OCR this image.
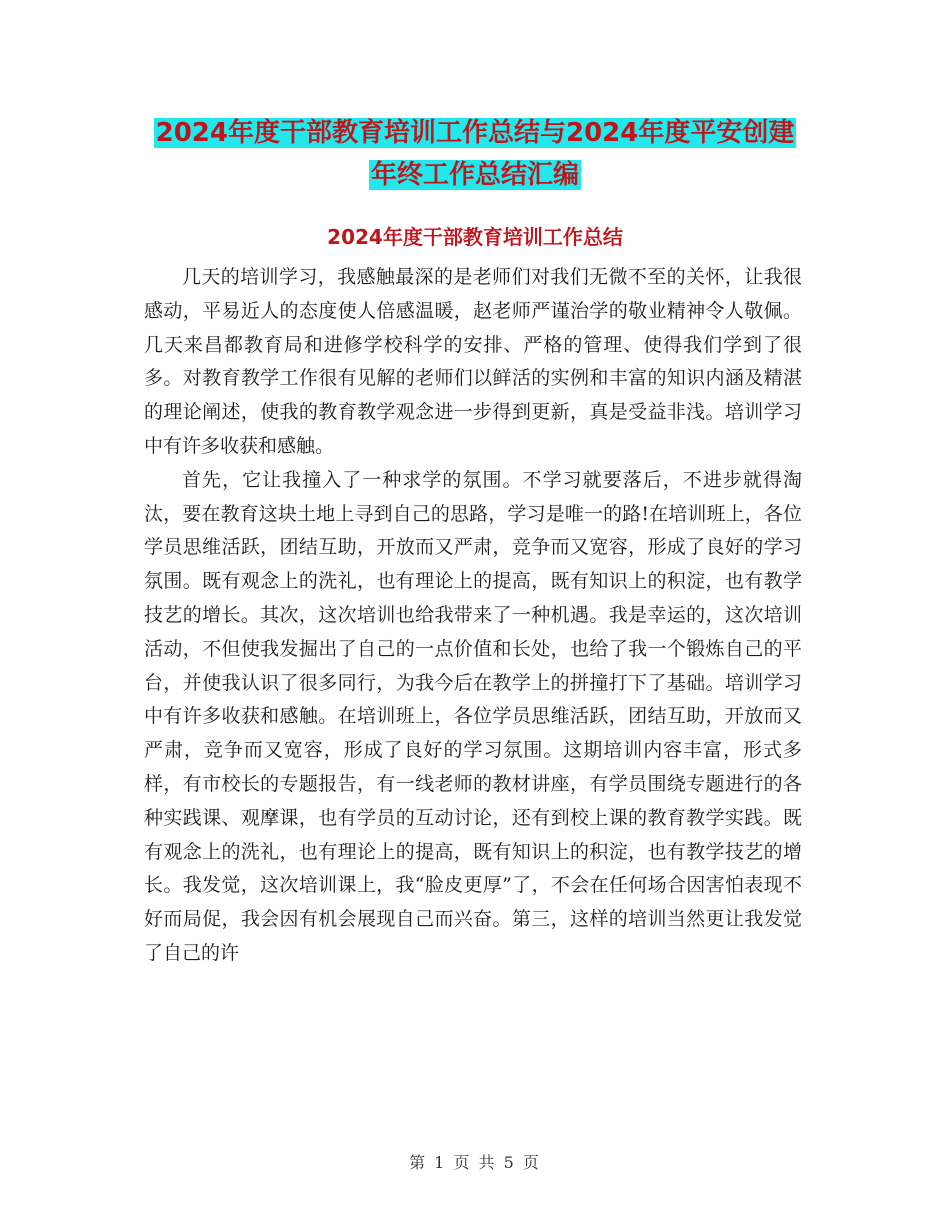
2024年度干部教育培训工作总结与2024年度平安创建
年终工作总结汇编
2024年度干部教育培训工作总结

几天的培训学习，我感触最深的是老师们对我们无微不至的关怀，让我很感动，平易近人的态度使人倍感温暖，赵老师严谨治学的敬业精神令人敬佩。几天来昌都教育局和进修学校科学的安排、严格的管理、使得我们学到了很多。对教育教学工作很有见解的老师们以鲜活的实例和丰富的知识内涵及精湛的理论阐述，使我的教育教学观念进一步得到更新，真是受益非浅。培训学习中有许多收获和感触。

首先，它让我撞入了一种求学的氛围。不学习就要落后，不进步就得淘汰，要在教育这块土地上寻到自己的思路，学习是唯一的路!在培训班上，各位学员思维活跃，团结互助，开放而又严肃，竞争而又宽容，形成了良好的学习氛围。既有观念上的洗礼，也有理论上的提高，既有知识上的积淀，也有教学技艺的增长。其次，这次培训也给我带来了一种机遇。我是幸运的，这次培训活动，不但使我发掘出了自己的一点价值和长处，也给了我一个锻炼自己的平台，并使我认识了很多同行，为我今后在教学上的拼撞打下了基础。培训学习中有许多收获和感触。在培训班上，各位学员思维活跃，团结互助，开放而又严肃，竞争而又宽容，形成了良好的学习氛围。这期培训内容丰富，形式多样，有市校长的专题报告，有一线老师的教材讲座，有学员围绕专题进行的各种实践课、观摩课，也有学员的互动讨论，还有到校上课的教育教学实践。既有观念上的洗礼，也有理论上的提高，既有知识上的积淀，也有教学技艺的增长。我发觉，这次培训课上，我“脸皮更厚”了，不会在任何场合因害怕表现不好而局促，我会因有机会展现自己而兴奋。第三，这样的培训当然更让我发觉了自己的许

第 1 页 共 5 页
